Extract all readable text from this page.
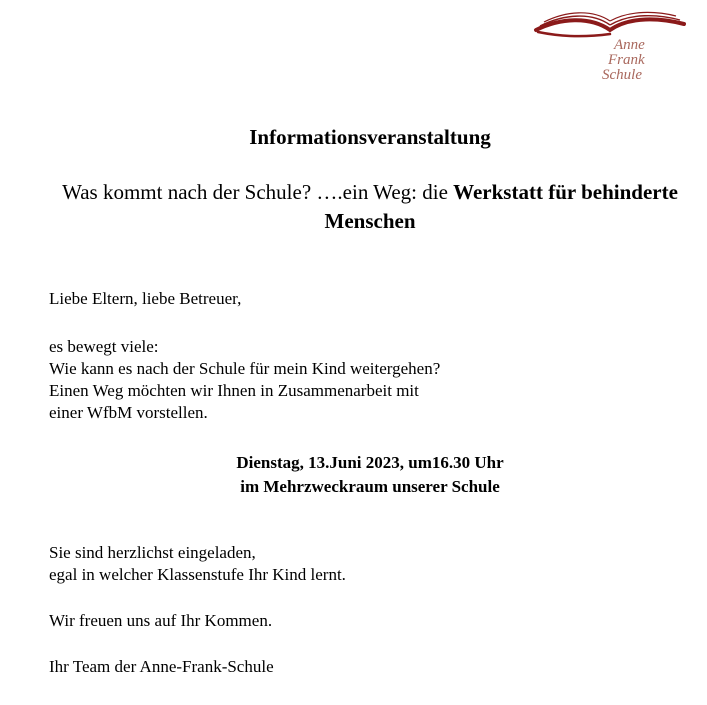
Anne
Frank
Schule
Informationsveranstaltung
Was kommt nach der Schule? ….ein Weg: die Werkstatt für behinderte Menschen
Liebe Eltern, liebe Betreuer,
es bewegt viele:
Wie kann es nach der Schule für mein Kind weitergehen?
Einen Weg möchten wir Ihnen in Zusammenarbeit mit
einer WfbM vorstellen.
Dienstag, 13.Juni 2023, um16.30 Uhr
im Mehrzweckraum unserer Schule
Sie sind herzlichst eingeladen,
egal in welcher Klassenstufe Ihr Kind lernt.
Wir freuen uns auf Ihr Kommen.
Ihr Team der Anne-Frank-Schule
